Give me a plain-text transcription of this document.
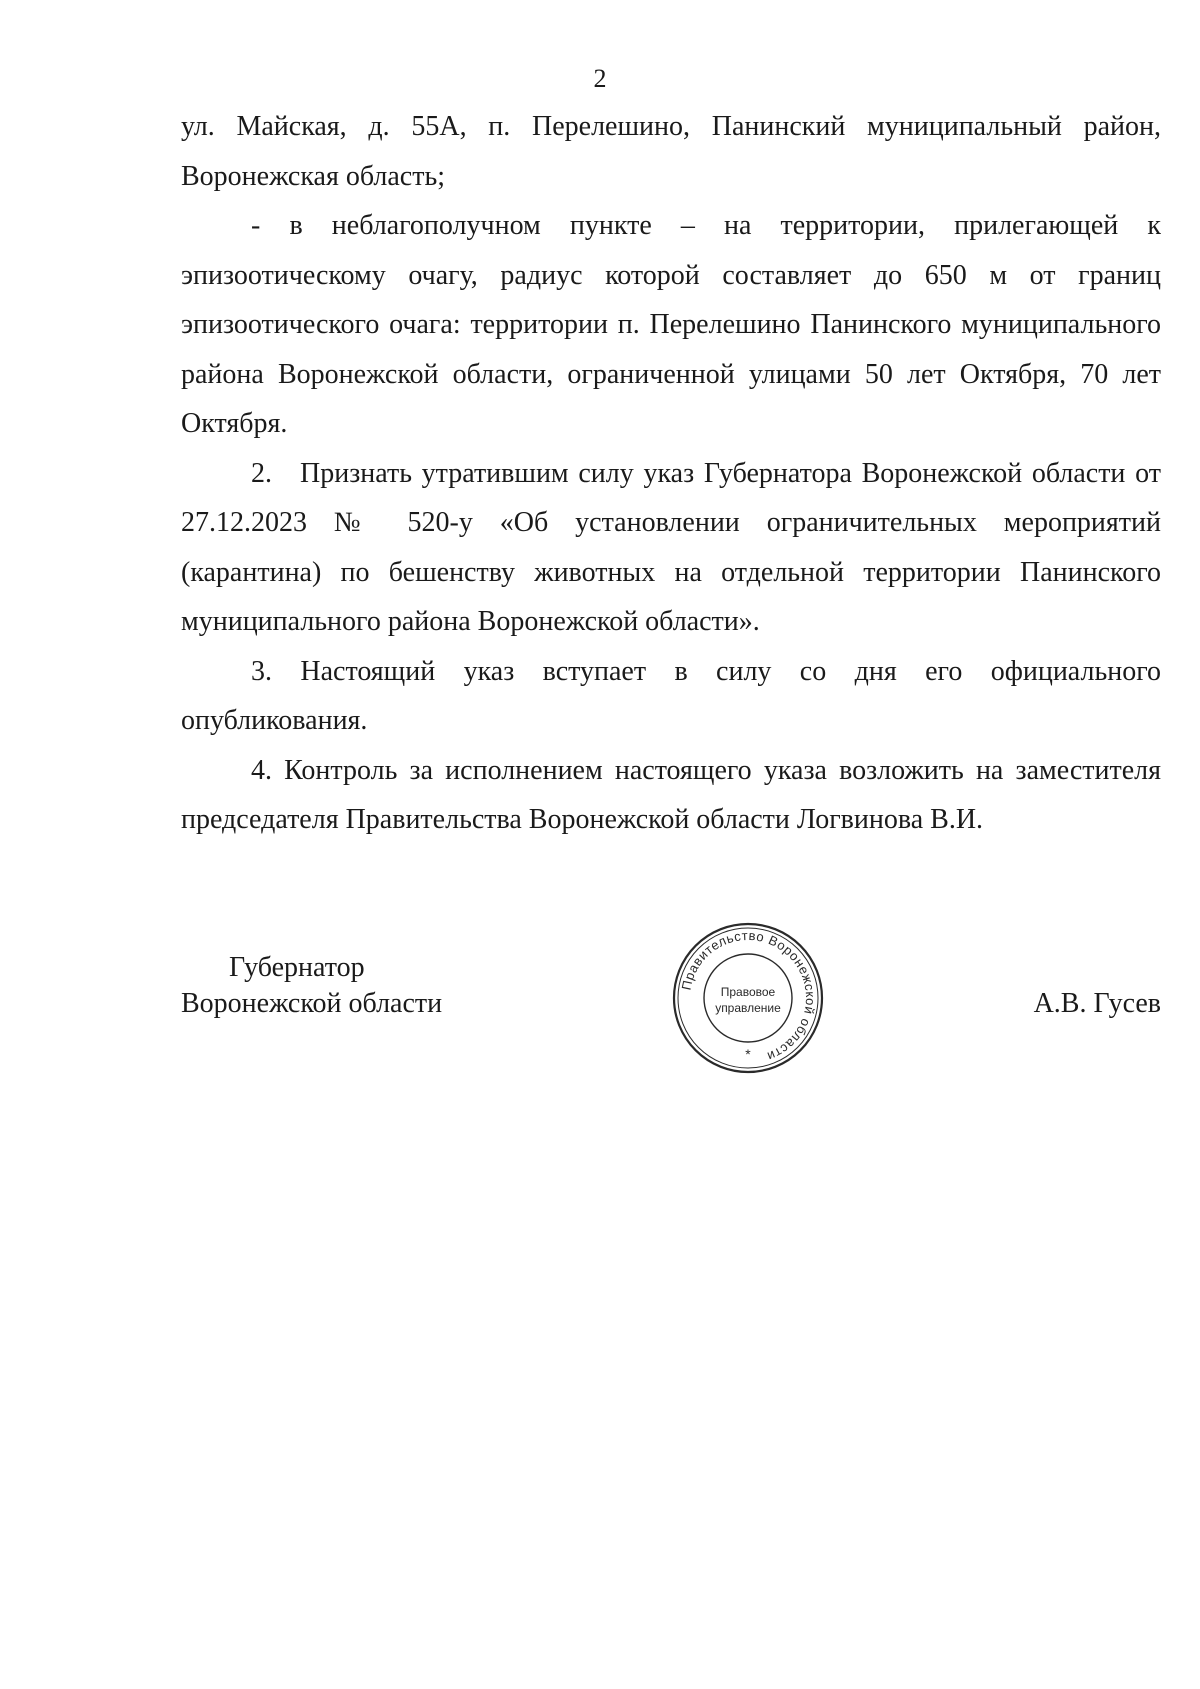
2

ул. Майская, д. 55А, п. Перелешино, Панинский муниципальный район, Воронежская область;

- в неблагополучном пункте – на территории, прилегающей к эпизоотическому очагу, радиус которой составляет до 650 м от границ эпизоотического очага: территории п. Перелешино Панинского муниципального района Воронежской области, ограниченной улицами 50 лет Октября, 70 лет Октября.

2. Признать утратившим силу указ Губернатора Воронежской области от 27.12.2023 № 520-у «Об установлении ограничительных мероприятий (карантина) по бешенству животных на отдельной территории Панинского муниципального района Воронежской области».

3. Настоящий указ вступает в силу со дня его официального опубликования.

4. Контроль за исполнением настоящего указа возложить на заместителя председателя Правительства Воронежской области Логвинова В.И.

Губернатор
Воронежской области	А.В. Гусев
Правительство Воронежской области
Правовое
управление
*
